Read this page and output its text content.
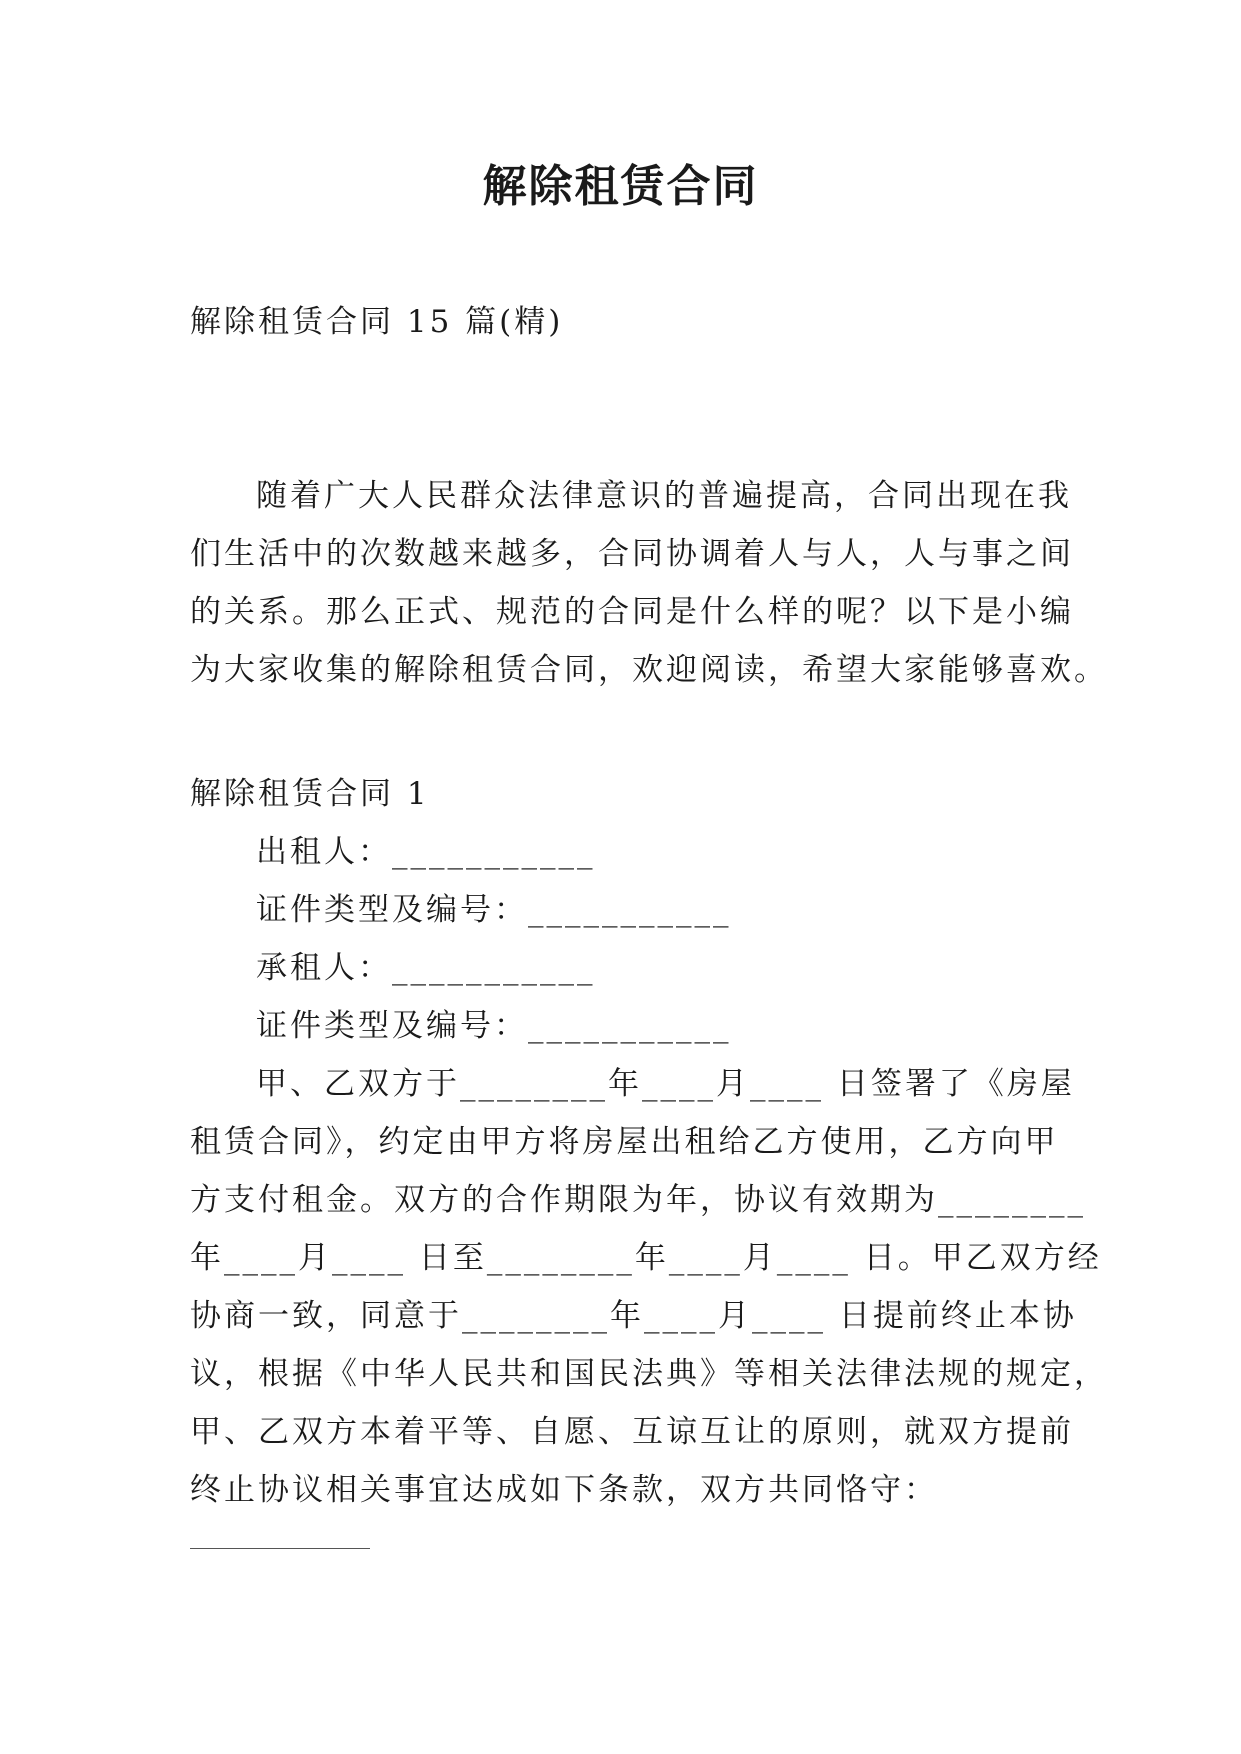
解除租赁合同
解除租赁合同 15 篇(精)
随着广大人民群众法律意识的普遍提高，合同出现在我
们生活中的次数越来越多，合同协调着人与人，人与事之间
的关系。那么正式、规范的合同是什么样的呢？以下是小编
为大家收集的解除租赁合同，欢迎阅读，希望大家能够喜欢。
解除租赁合同 1
出租人：___________
证件类型及编号：___________
承租人：___________
证件类型及编号：___________
甲、乙双方于________年____月____ 日签署了《房屋
租赁合同》，约定由甲方将房屋出租给乙方使用，乙方向甲
方支付租金。双方的合作期限为年，协议有效期为________
年____月____ 日至________年____月____ 日。甲乙双方经
协商一致，同意于________年____月____ 日提前终止本协
议，根据《中华人民共和国民法典》等相关法律法规的规定，
甲、乙双方本着平等、自愿、互谅互让的原则，就双方提前
终止协议相关事宜达成如下条款，双方共同恪守：
